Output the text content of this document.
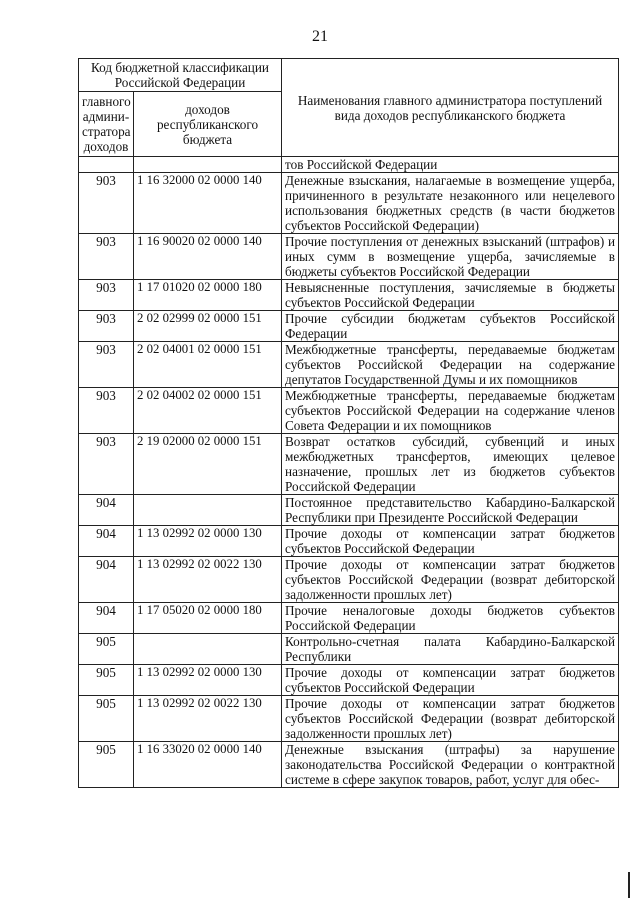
21
Код бюджетной классификации Российской Федерации		Наименования главного администратора поступлений вида доходов республиканского бюджета
главного админи-стратора доходов	доходов республиканского бюджета	
		тов Российской Федерации
903	1 16 32000 02 0000 140	Денежные взыскания, налагаемые в возмещение ущерба, причиненного в результате незаконного или нецелевого использования бюджетных средств (в части бюджетов субъектов Российской Федерации)
903	1 16 90020 02 0000 140	Прочие поступления от денежных взысканий (штрафов) и иных сумм в возмещение ущерба, зачисляемые в бюджеты субъектов Российской Федерации
903	1 17 01020 02 0000 180	Невыясненные поступления, зачисляемые в бюджеты субъектов Российской Федерации
903	2 02 02999 02 0000 151	Прочие субсидии бюджетам субъектов Российской Федерации
903	2 02 04001 02 0000 151	Межбюджетные трансферты, передаваемые бюджетам субъектов Российской Федерации на содержание депутатов Государственной Думы и их помощников
903	2 02 04002 02 0000 151	Межбюджетные трансферты, передаваемые бюджетам субъектов Российской Федерации на содержание членов Совета Федерации и их помощников
903	2 19 02000 02 0000 151	Возврат остатков субсидий, субвенций и иных межбюджетных трансфертов, имеющих целевое назначение, прошлых лет из бюджетов субъектов Российской Федерации
904		Постоянное представительство Кабардино-Балкарской Республики при Президенте Российской Федерации
904	1 13 02992 02 0000 130	Прочие доходы от компенсации затрат бюджетов субъектов Российской Федерации
904	1 13 02992 02 0022 130	Прочие доходы от компенсации затрат бюджетов субъектов Российской Федерации (возврат дебиторской задолженности прошлых лет)
904	1 17 05020 02 0000 180	Прочие неналоговые доходы бюджетов субъектов Российской Федерации
905		Контрольно-счетная палата Кабардино-Балкарской Республики
905	1 13 02992 02 0000 130	Прочие доходы от компенсации затрат бюджетов субъектов Российской Федерации
905	1 13 02992 02 0022 130	Прочие доходы от компенсации затрат бюджетов субъектов Российской Федерации (возврат дебиторской задолженности прошлых лет)
905	1 16 33020 02 0000 140	Денежные взыскания (штрафы) за нарушение законодательства Российской Федерации о контрактной системе в сфере закупок товаров, работ, услуг для обес-
